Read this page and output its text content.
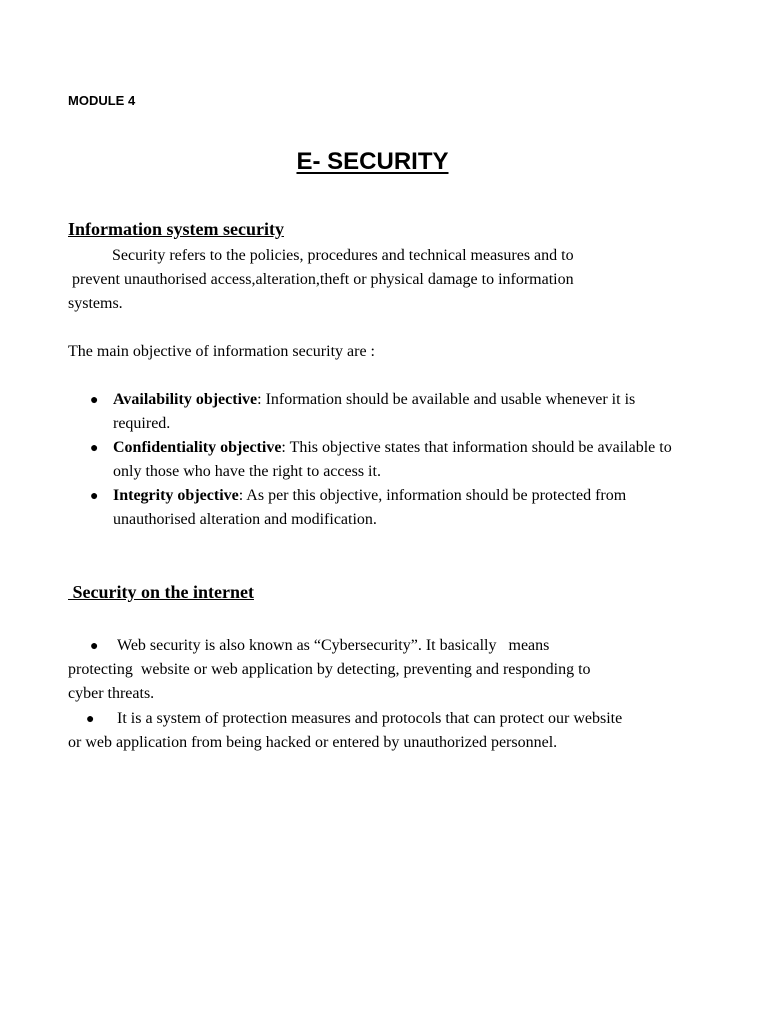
MODULE 4
E- SECURITY
Information system security
Security refers to the policies, procedures and technical measures and to
prevent unauthorised access,alteration,theft or physical damage to information
systems.
The main objective of information security are :
● Availability objective: Information should be available and usable whenever it is required.
● Confidentiality objective: This objective states that information should be available to only those who have the right to access it.
● Integrity objective: As per this objective, information should be protected from unauthorised alteration and modification.
Security on the internet
● Web security is also known as “Cybersecurity”. It basically   means
protecting  website or web application by detecting, preventing and responding to
cyber threats.
● It is a system of protection measures and protocols that can protect our website
or web application from being hacked or entered by unauthorized personnel.
